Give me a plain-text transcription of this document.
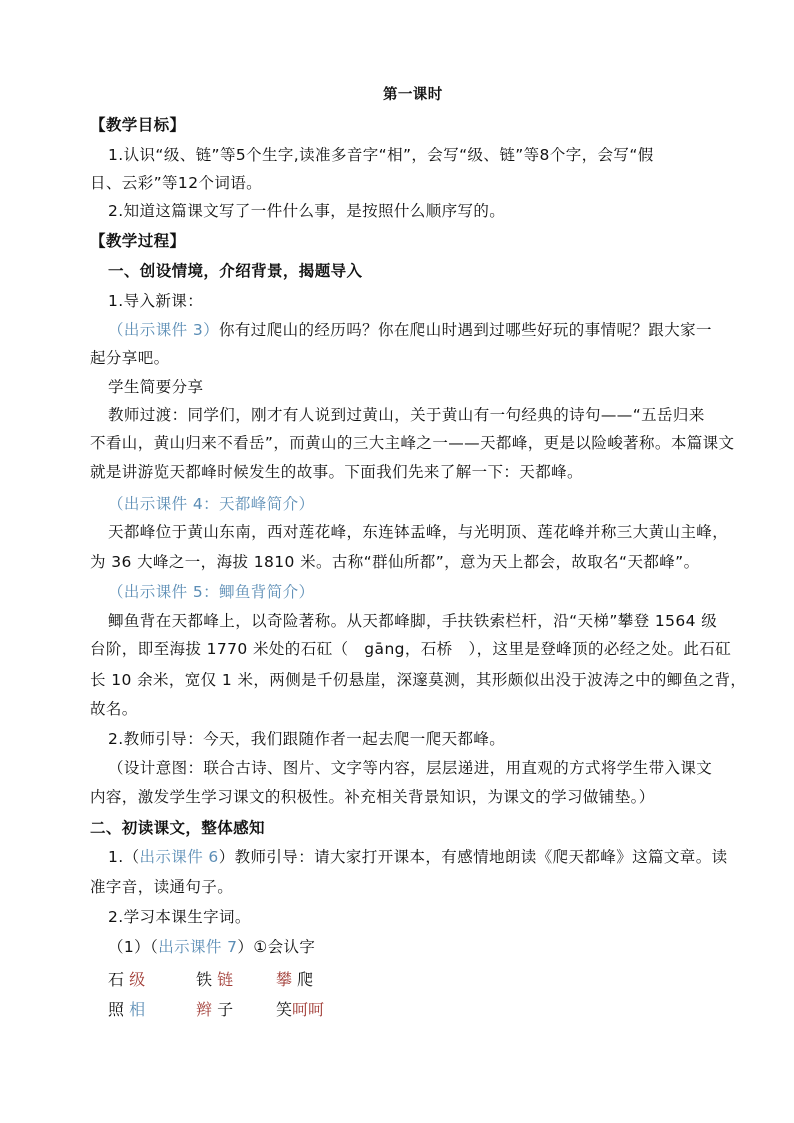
第一课时
【教学目标】
1.认识“级、链”等5个生字,读准多音字“相”，会写“级、链”等8个字，会写“假
日、云彩”等12个词语。
2.知道这篇课文写了一件什么事，是按照什么顺序写的。
【教学过程】
一、创设情境，介绍背景，揭题导入
1.导入新课：
（出示课件 3）你有过爬山的经历吗？你在爬山时遇到过哪些好玩的事情呢？跟大家一
起分享吧。
学生简要分享
教师过渡：同学们，刚才有人说到过黄山，关于黄山有一句经典的诗句——“五岳归来
不看山，黄山归来不看岳”，而黄山的三大主峰之一——天都峰，更是以险峻著称。本篇课文
就是讲游览天都峰时候发生的故事。下面我们先来了解一下：天都峰。
（出示课件 4：天都峰简介）
天都峰位于黄山东南，西对莲花峰，东连钵盂峰，与光明顶、莲花峰并称三大黄山主峰，
为 36 大峰之一，海拔 1810 米。古称“群仙所都”，意为天上都会，故取名“天都峰”。
（出示课件 5：鲫鱼背简介）
鲫鱼背在天都峰上，以奇险著称。从天都峰脚，手扶铁索栏杆，沿“天梯”攀登 1564 级
台阶，即至海拔 1770 米处的石矼（　gāng，石桥　），这里是登峰顶的必经之处。此石矼
长 10 余米，宽仅 1 米，两侧是千仞悬崖，深邃莫测，其形颇似出没于波涛之中的鲫鱼之背，
故名。
2.教师引导：今天，我们跟随作者一起去爬一爬天都峰。
（设计意图：联合古诗、图片、文字等内容，层层递进，用直观的方式将学生带入课文
内容，激发学生学习课文的积极性。补充相关背景知识，为课文的学习做铺垫。）
二、初读课文，整体感知
1.（出示课件 6）教师引导：请大家打开课本，有感情地朗读《爬天都峰》这篇文章。读
准字音，读通句子。
2.学习本课生字词。
（1）（出示课件 7）①会认字
石 级	铁 链	攀 爬
照 相	辫 子	笑呵呵
